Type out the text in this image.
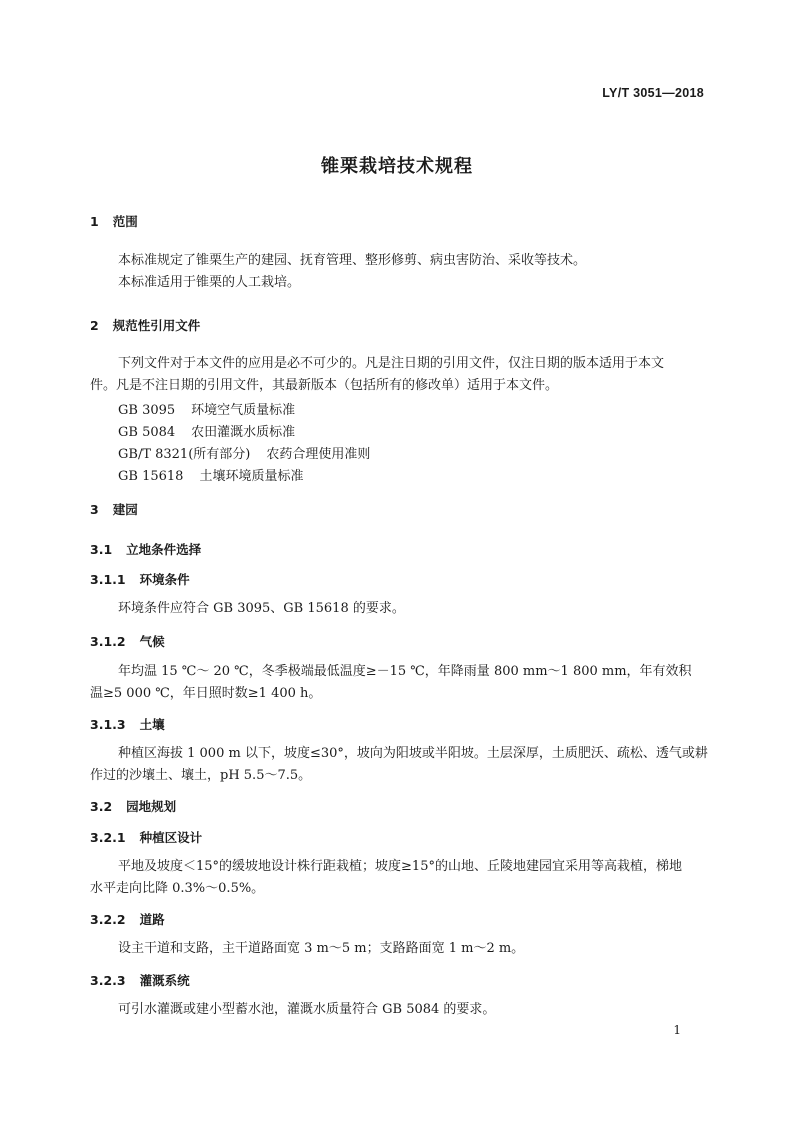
LY/T 3051—2018
锥栗栽培技术规程
1 范围
本标准规定了锥栗生产的建园、抚育管理、整形修剪、病虫害防治、采收等技术。
本标准适用于锥栗的人工栽培。
2 规范性引用文件
下列文件对于本文件的应用是必不可少的。凡是注日期的引用文件，仅注日期的版本适用于本文
件。凡是不注日期的引用文件，其最新版本（包括所有的修改单）适用于本文件。
GB 3095 环境空气质量标准
GB 5084 农田灌溉水质标准
GB/T 8321(所有部分) 农药合理使用准则
GB 15618 土壤环境质量标准
3 建园
3.1 立地条件选择
3.1.1 环境条件
环境条件应符合 GB 3095、GB 15618 的要求。
3.1.2 气候
年均温 15 ℃～ 20 ℃，冬季极端最低温度≥－15 ℃，年降雨量 800 mm～1 800 mm，年有效积
温≥5 000 ℃，年日照时数≥1 400 h。
3.1.3 土壤
种植区海拔 1 000 m 以下，坡度≤30°，坡向为阳坡或半阳坡。土层深厚，土质肥沃、疏松、透气或耕
作过的沙壤土、壤土，pH 5.5～7.5。
3.2 园地规划
3.2.1 种植区设计
平地及坡度＜15°的缓坡地设计株行距栽植；坡度≥15°的山地、丘陵地建园宜采用等高栽植，梯地
水平走向比降 0.3%～0.5%。
3.2.2 道路
设主干道和支路，主干道路面宽 3 m～5 m；支路路面宽 1 m～2 m。
3.2.3 灌溉系统
可引水灌溉或建小型蓄水池，灌溉水质量符合 GB 5084 的要求。
1
